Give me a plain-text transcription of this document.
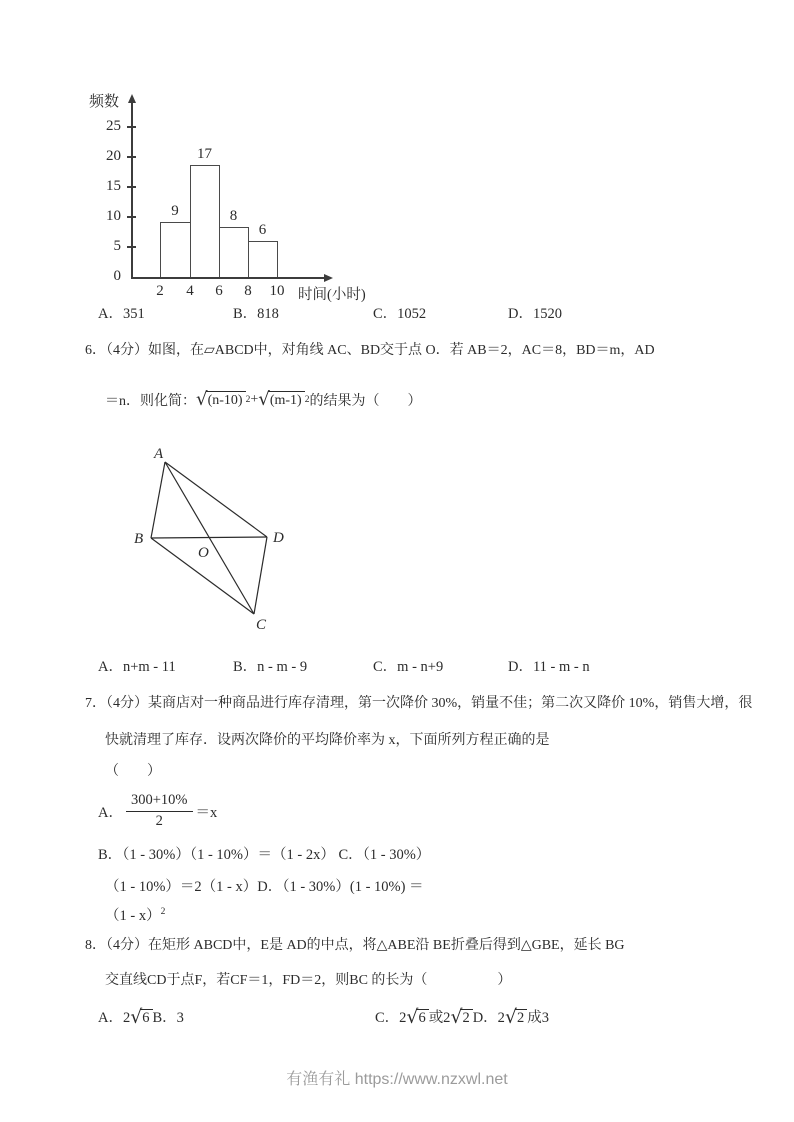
频数
时间(小时)
0
5
10
15
20
25
2	4	6	8	10
9
17
8
6
A．351	B．818	C．1052	D．1520
6．（4分）如图，在▱ABCD中，对角线 AC、BD交于点 O．若 AB＝2，AC＝8，BD＝m，AD
＝n．则化简： √(n-10) 2 + √(m-1) 2 的结果为（　　）
A
B
C
D
O
A．n+m - 11	B．n - m - 9	C．m - n+9	D．11 - m - n
7．（4分）某商店对一种商品进行库存清理，第一次降价 30%，销量不佳；第二次又降价 10%，销售大增，很
快就清理了库存．设两次降价的平均降价率为 x，下面所列方程正确的是
（　　）
A． $\frac{300+10\%}{2} =x$
B．（1 - 30%）（1 - 10%）＝（1 - 2x） C．（1 - 30%）
（1 - 10%）＝2（1 - x）D．（1 - 30%）(1 - 10%) ＝
（1 - x）$^2$
8．（4分）在矩形 ABCD中，E是 AD的中点，将△ABE沿 BE折叠后得到△GBE，延长 BG
交直线CD于点F，若CF＝1，FD＝2，则BC 的长为（　　　　　）
A．2√6 B．3	C．2√6 或2√2 D．2√2 成3
有渔有礼 https://www.nzxwl.net
